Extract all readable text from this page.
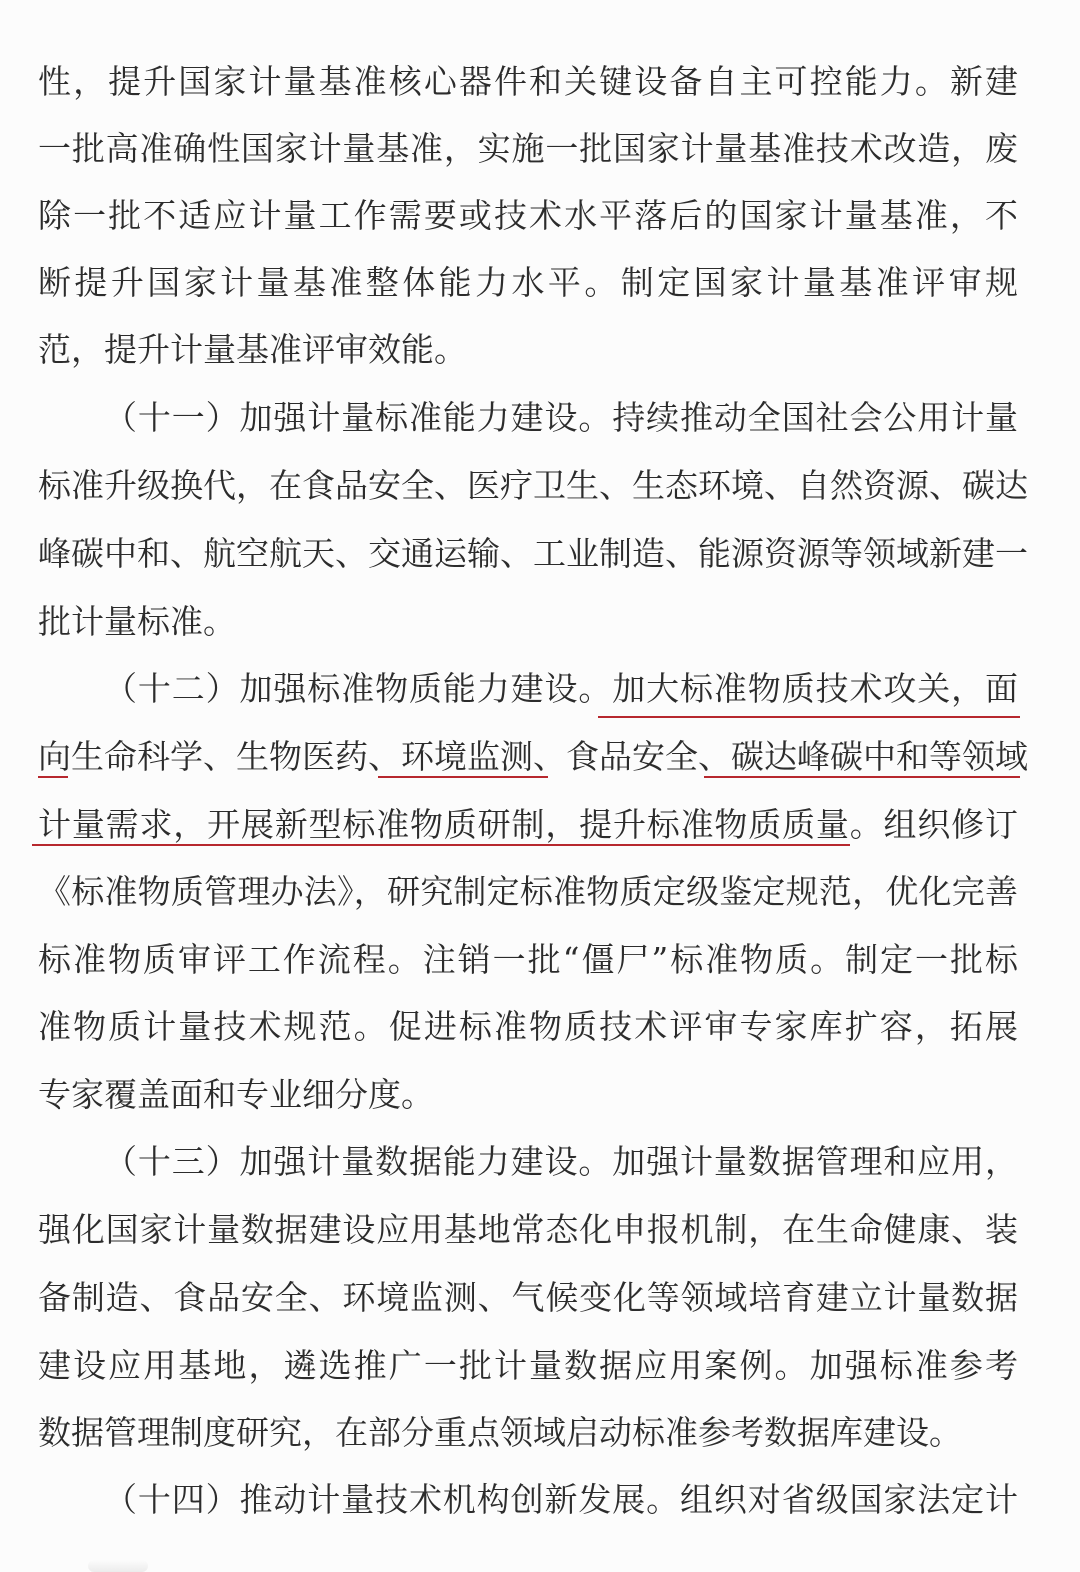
性，提升国家计量基准核心器件和关键设备自主可控能力。新建
一批高准确性国家计量基准，实施一批国家计量基准技术改造，废
除一批不适应计量工作需要或技术水平落后的国家计量基准，不
断提升国家计量基准整体能力水平。制定国家计量基准评审规
范，提升计量基准评审效能。
（十一）加强计量标准能力建设。持续推动全国社会公用计量
标准升级换代，在食品安全、医疗卫生、生态环境、自然资源、碳达
峰碳中和、航空航天、交通运输、工业制造、能源资源等领域新建一
批计量标准。
（十二）加强标准物质能力建设。加大标准物质技术攻关，面
向生命科学、生物医药、环境监测、食品安全、碳达峰碳中和等领域
计量需求，开展新型标准物质研制，提升标准物质质量。组织修订
《标准物质管理办法》，研究制定标准物质定级鉴定规范，优化完善
标准物质审评工作流程。注销一批“僵尸”标准物质。制定一批标
准物质计量技术规范。促进标准物质技术评审专家库扩容，拓展
专家覆盖面和专业细分度。
（十三）加强计量数据能力建设。加强计量数据管理和应用，
强化国家计量数据建设应用基地常态化申报机制，在生命健康、装
备制造、食品安全、环境监测、气候变化等领域培育建立计量数据
建设应用基地，遴选推广一批计量数据应用案例。加强标准参考
数据管理制度研究，在部分重点领域启动标准参考数据库建设。
（十四）推动计量技术机构创新发展。组织对省级国家法定计
